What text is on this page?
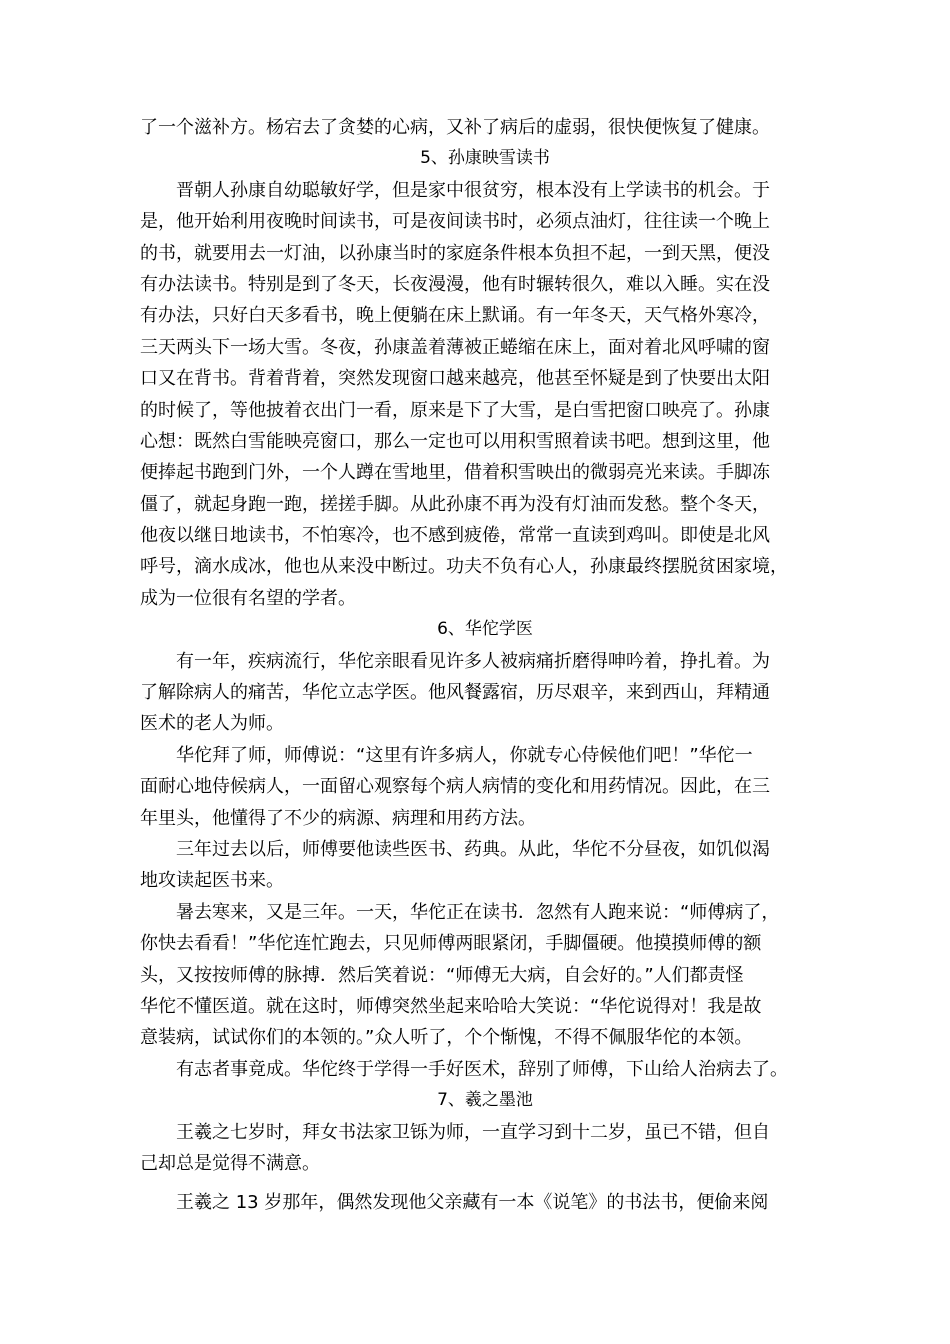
了一个滋补方。杨宕去了贪婪的心病，又补了病后的虚弱，很快便恢复了健康。
5、孙康映雪读书
晋朝人孙康自幼聪敏好学，但是家中很贫穷，根本没有上学读书的机会。于
是，他开始利用夜晚时间读书，可是夜间读书时，必须点油灯，往往读一个晚上
的书，就要用去一灯油，以孙康当时的家庭条件根本负担不起，一到天黑，便没
有办法读书。特别是到了冬天，长夜漫漫，他有时辗转很久，难以入睡。实在没
有办法，只好白天多看书，晚上便躺在床上默诵。有一年冬天，天气格外寒冷，
三天两头下一场大雪。冬夜，孙康盖着薄被正蜷缩在床上，面对着北风呼啸的窗
口又在背书。背着背着，突然发现窗口越来越亮，他甚至怀疑是到了快要出太阳
的时候了，等他披着衣出门一看，原来是下了大雪，是白雪把窗口映亮了。孙康
心想：既然白雪能映亮窗口，那么一定也可以用积雪照着读书吧。想到这里，他
便捧起书跑到门外，一个人蹲在雪地里，借着积雪映出的微弱亮光来读。手脚冻
僵了，就起身跑一跑，搓搓手脚。从此孙康不再为没有灯油而发愁。整个冬天，
他夜以继日地读书，不怕寒冷，也不感到疲倦，常常一直读到鸡叫。即使是北风
呼号，滴水成冰，他也从来没中断过。功夫不负有心人，孙康最终摆脱贫困家境，
成为一位很有名望的学者。
6、华佗学医
有一年，疾病流行，华佗亲眼看见许多人被病痛折磨得呻吟着，挣扎着。为
了解除病人的痛苦，华佗立志学医。他风餐露宿，历尽艰辛，来到西山，拜精通
医术的老人为师。
华佗拜了师，师傅说：“这里有许多病人，你就专心侍候他们吧！”华佗一
面耐心地侍候病人，一面留心观察每个病人病情的变化和用药情况。因此，在三
年里头，他懂得了不少的病源、病理和用药方法。
三年过去以后，师傅要他读些医书、药典。从此，华佗不分昼夜，如饥似渴
地攻读起医书来。
暑去寒来，又是三年。一天，华佗正在读书．忽然有人跑来说：“师傅病了，
你快去看看！”华佗连忙跑去，只见师傅两眼紧闭，手脚僵硬。他摸摸师傅的额
头，又按按师傅的脉搏．然后笑着说：“师傅无大病，自会好的。”人们都责怪
华佗不懂医道。就在这时，师傅突然坐起来哈哈大笑说：“华佗说得对！我是故
意装病，试试你们的本领的。”众人听了，个个惭愧，不得不佩服华佗的本领。
有志者事竟成。华佗终于学得一手好医术，辞别了师傅，下山给人治病去了。
7、羲之墨池
王羲之七岁时，拜女书法家卫铄为师，一直学习到十二岁，虽已不错，但自
己却总是觉得不满意。
王羲之 13 岁那年，偶然发现他父亲藏有一本《说笔》的书法书，便偷来阅
